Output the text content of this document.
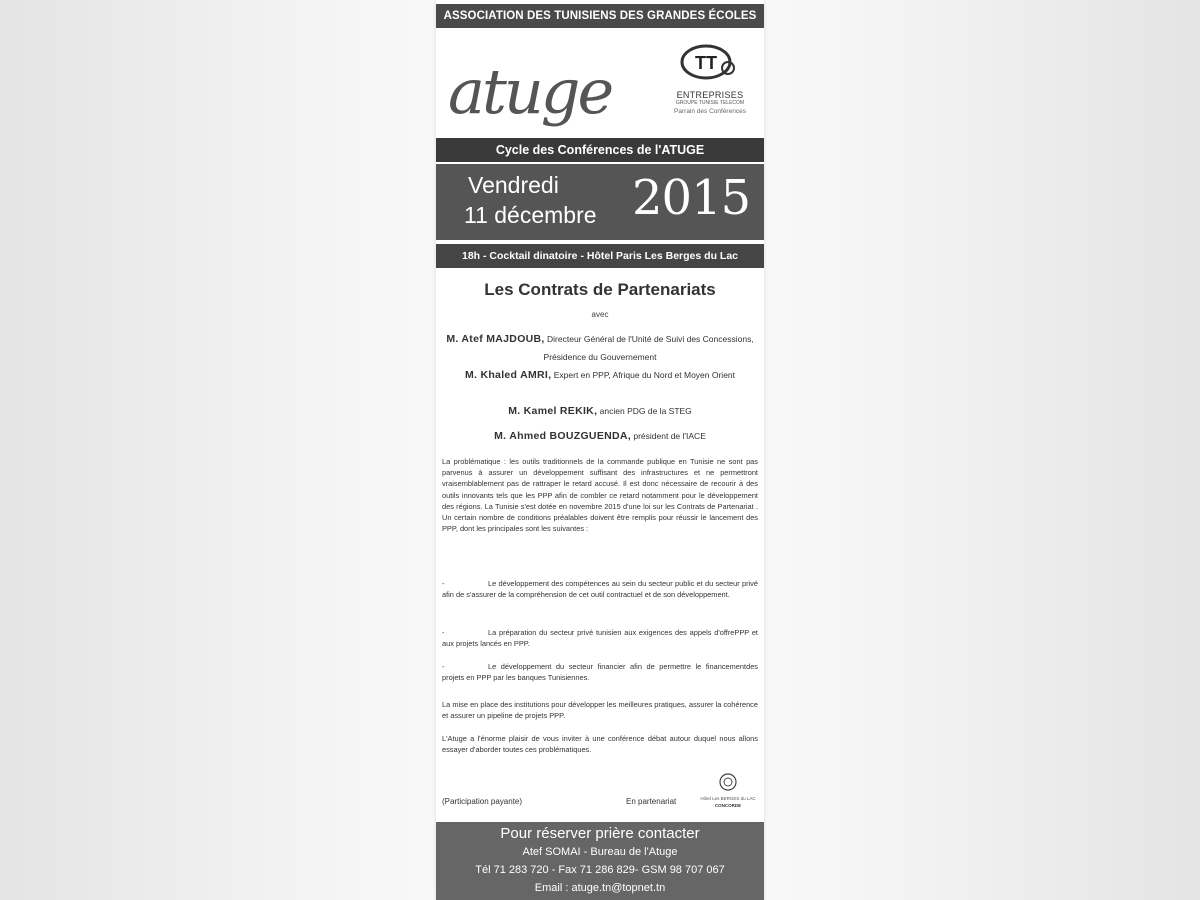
ASSOCIATION DES TUNISIENS DES GRANDES ÉCOLES
atuge	TT
ENTREPRISES
GROUPE TUNISIE TELECOM
Parrain des Conférences
Cycle des Conférences de l'ATUGE
Vendredi
11 décembre 2015
18h - Cocktail dinatoire - Hôtel Paris Les Berges du Lac
Les Contrats de Partenariats
avec
M. Atef MAJDOUB, Directeur Général de l'Unité de Suivi des Concessions, Présidence du Gouvernement
M. Khaled AMRI, Expert en PPP, Afrique du Nord et Moyen Orient
M. Kamel REKIK, ancien PDG de la STEG
M. Ahmed BOUZGUENDA, président de l'IACE
La problématique : les outils traditionnels de la commande publique en Tunisie ne sont pas parvenus à assurer un développement suffisant des infrastructures et ne permettront vraisemblablement pas de rattraper le retard accusé. Il est donc nécessaire de recourir à des outils innovants tels que les PPP afin de combler ce retard notamment pour le développement des régions. La Tunisie s'est dotée en novembre 2015 d'une loi sur les Contrats de Partenariat . Un certain nombre de conditions préalables doivent être remplis pour réussir le lancement des PPP, dont les principales sont les suivantes :
-	Le développement des compétences au sein du secteur public et du secteur privé afin de s'assurer de la compréhension de cet outil contractuel et de son développement.
-	La préparation du secteur privé tunisien aux exigences des appels d'offrePPP et aux projets lancés en PPP.
-	Le développement du secteur financier afin de permettre le financementdes projets en PPP par les banques Tunisiennes.
La mise en place des institutions pour développer les meilleures pratiques, assurer la cohérence et assurer un pipeline de projets PPP.
L'Atuge a l'énorme plaisir de vous inviter à une conférence débat autour duquel nous allons essayer d'aborder toutes ces problématiques.
(Participation payante)	En partenariat	Hôtel Les BERGES du LAC
CONCORDE
Pour réserver prière contacter
Atef SOMAI - Bureau de l'Atuge
Tél 71 283 720 - Fax 71 286 829- GSM 98 707 067
Email : atuge.tn@topnet.tn
